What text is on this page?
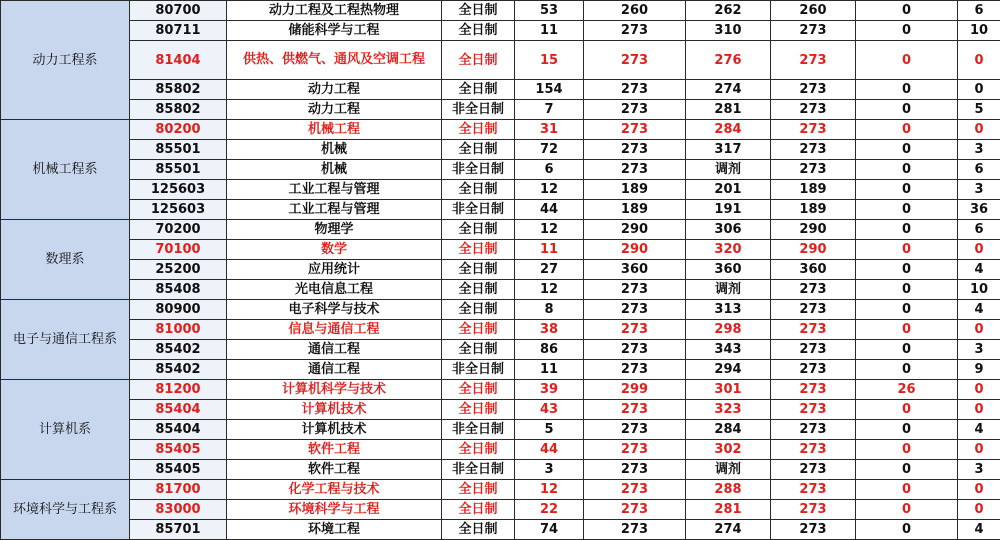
动力工程系	80700	动力工程及工程热物理	全日制	53	260	262	260	0	6
	80711	储能科学与工程	全日制	11	273	310	273	0	10
	81404	供热、供燃气、通风及空调工程	全日制	15	273	276	273	0	0
	85802	动力工程	全日制	154	273	274	273	0	0
	85802	动力工程	非全日制	7	273	281	273	0	5
机械工程系	80200	机械工程	全日制	31	273	284	273	0	0
	85501	机械	全日制	72	273	317	273	0	3
	85501	机械	非全日制	6	273	调剂	273	0	6
	125603	工业工程与管理	全日制	12	189	201	189	0	3
	125603	工业工程与管理	非全日制	44	189	191	189	0	36
数理系	70200	物理学	全日制	12	290	306	290	0	6
	70100	数学	全日制	11	290	320	290	0	0
	25200	应用统计	全日制	27	360	360	360	0	4
	85408	光电信息工程	全日制	12	273	调剂	273	0	10
电子与通信工程系	80900	电子科学与技术	全日制	8	273	313	273	0	4
	81000	信息与通信工程	全日制	38	273	298	273	0	0
	85402	通信工程	全日制	86	273	343	273	0	3
	85402	通信工程	非全日制	11	273	294	273	0	9
计算机系	81200	计算机科学与技术	全日制	39	299	301	273	26	0
	85404	计算机技术	全日制	43	273	323	273	0	0
	85404	计算机技术	非全日制	5	273	284	273	0	4
	85405	软件工程	全日制	44	273	302	273	0	0
	85405	软件工程	非全日制	3	273	调剂	273	0	3
环境科学与工程系	81700	化学工程与技术	全日制	12	273	288	273	0	0
	83000	环境科学与工程	全日制	22	273	281	273	0	0
	85701	环境工程	全日制	74	273	274	273	0	4
